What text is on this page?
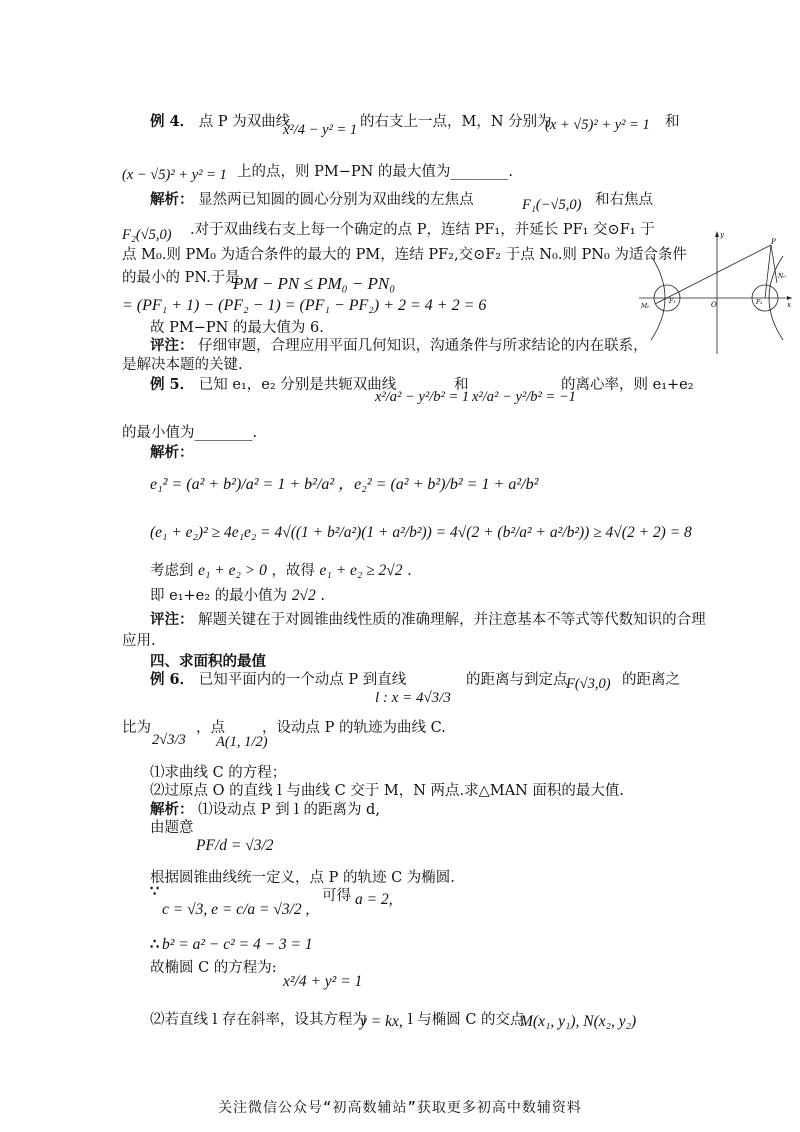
例 4． 点 P 为双曲线
x²/4 − y² = 1 的右支上一点，M，N 分别为
(x + √5)² + y² = 1 和
(x − √5)² + y² = 1 上的点，则 PM−PN 的最大值为________.
解析： 显然两已知圆的圆心分别为双曲线的左焦点	F₁(−√5,0) 和右焦点
F₂(√5,0) .对于双曲线右支上每一个确定的点 P，连结 PF₁，并延长 PF₁ 交⊙F₁ 于
点 M₀.则 PM₀ 为适合条件的最大的 PM，连结 PF₂,交⊙F₂ 于点 N₀.则 PN₀ 为适合条件
的最小的 PN.于是
PM − PN ≤ PM₀ − PN₀
= (PF₁ + 1) − (PF₂ − 1) = (PF₁ − PF₂) + 2 = 4 + 2 = 6
故 PM−PN 的最大值为 6.
评注： 仔细审题，合理应用平面几何知识，沟通条件与所求结论的内在联系，
是解决本题的关键.
y
x
O
P
M₀
F₁	F₂
N₀
例 5． 已知 e₁，e₂ 分别是共轭双曲线
x²/a² − y²/b² = 1
和
x²/a² − y²/b² = −1
的离心率，则 e₁+e₂
的最小值为________.
解析：
e₁² = (a² + b²)/a² = 1 + b²/a² ，e₂² = (a² + b²)/b² = 1 + a²/b²
(e₁ + e₂)² ≥ 4e₁e₂ = 4√((1 + b²/a²)(1 + a²/b²)) = 4√(2 + (b²/a² + a²/b²)) ≥ 4√(2 + 2) = 8
考虑到 e₁ + e₂ > 0 ，故得 e₁ + e₂ ≥ 2√2 .
即 e₁+e₂ 的最小值为 2√2 .
评注： 解题关键在于对圆锥曲线性质的准确理解，并注意基本不等式等代数知识的合理
应用.
四、求面积的最值
例 6． 已知平面内的一个动点 P 到直线
l : x = 4√3/3
的距离与到定点
F(√3,0) 的距离之
比为
2√3/3
，点
A(1, 1/2)
，设动点 P 的轨迹为曲线 C.
⑴求曲线 C 的方程；
⑵过原点 O 的直线 l 与曲线 C 交于 M，N 两点.求△MAN 面积的最大值.
解析： ⑴设动点 P 到 l 的距离为 d,
由题意
PF/d = √3/2
根据圆锥曲线统一定义，点 P 的轨迹 C 为椭圆.
∵
c = √3, e = c/a = √3/2 ,
可得 a = 2,
∴ b² = a² − c² = 4 − 3 = 1
故椭圆 C 的方程为:
x²/4 + y² = 1
⑵若直线 l 存在斜率，设其方程为
y = kx, l 与椭圆 C 的交点
M(x₁, y₁), N(x₂, y₂)
关注微信公众号“初高数辅站”获取更多初高中数辅资料
